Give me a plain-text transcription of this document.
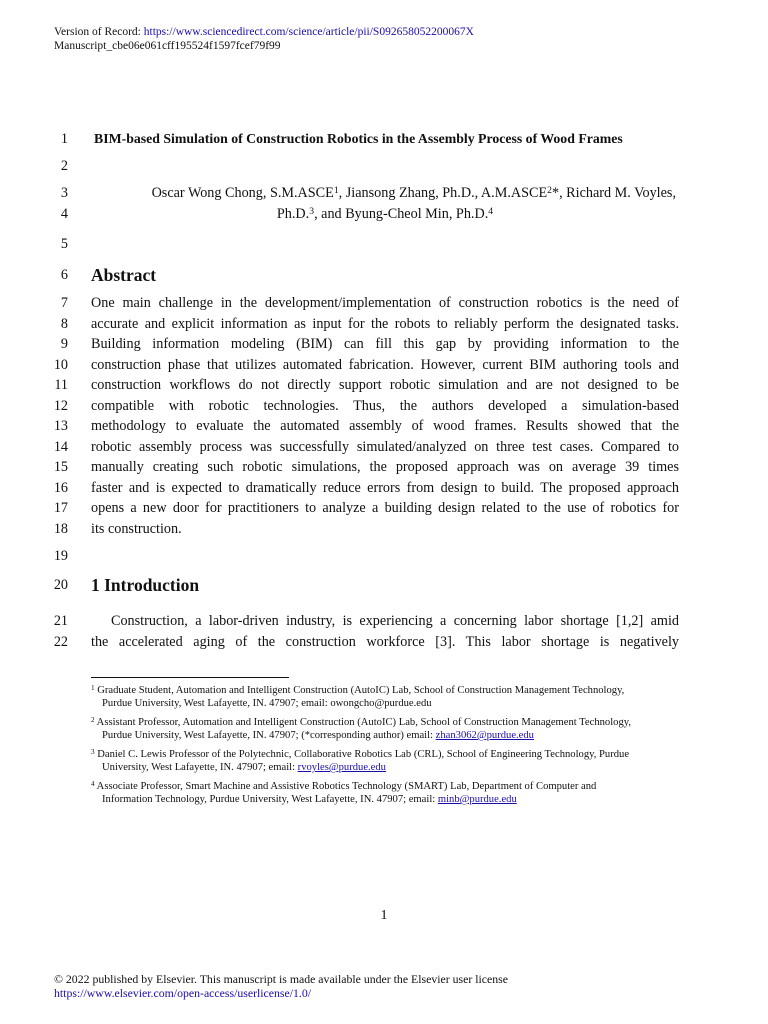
Version of Record: https://www.sciencedirect.com/science/article/pii/S092658052200067X
Manuscript_cbe06e061cff195524f1597fcef79f99
1
2
3
4
5
6
7
8
9
10
11
12
13
14
15
16
17
18
19
20
21
22
BIM-based Simulation of Construction Robotics in the Assembly Process of Wood Frames
Oscar Wong Chong, S.M.ASCE$^1$, Jiansong Zhang, Ph.D., A.M.ASCE$^2$*, Richard M. Voyles,
Ph.D.$^3$, and Byung-Cheol Min, Ph.D.$^4$
Abstract
One main challenge in the development/implementation of construction robotics is the need of
accurate and explicit information as input for the robots to reliably perform the designated tasks.
Building information modeling (BIM) can fill this gap by providing information to the
construction phase that utilizes automated fabrication. However, current BIM authoring tools and
construction workflows do not directly support robotic simulation and are not designed to be
compatible with robotic technologies. Thus, the authors developed a simulation-based
methodology to evaluate the automated assembly of wood frames. Results showed that the
robotic assembly process was successfully simulated/analyzed on three test cases. Compared to
manually creating such robotic simulations, the proposed approach was on average 39 times
faster and is expected to dramatically reduce errors from design to build. The proposed approach
opens a new door for practitioners to analyze a building design related to the use of robotics for
its construction.
1 Introduction
Construction, a labor-driven industry, is experiencing a concerning labor shortage [1,2] amid
the accelerated aging of the construction workforce [3]. This labor shortage is negatively
$^1$ Graduate Student, Automation and Intelligent Construction (AutoIC) Lab, School of Construction Management Technology,
Purdue University, West Lafayette, IN. 47907; email: owongcho@purdue.edu
$^2$ Assistant Professor, Automation and Intelligent Construction (AutoIC) Lab, School of Construction Management Technology,
Purdue University, West Lafayette, IN. 47907; (*corresponding author) email: zhan3062@purdue.edu
$^3$ Daniel C. Lewis Professor of the Polytechnic, Collaborative Robotics Lab (CRL), School of Engineering Technology, Purdue
University, West Lafayette, IN. 47907; email: rvoyles@purdue.edu
$^4$ Associate Professor, Smart Machine and Assistive Robotics Technology (SMART) Lab, Department of Computer and
Information Technology, Purdue University, West Lafayette, IN. 47907; email: minb@purdue.edu
1
© 2022 published by Elsevier. This manuscript is made available under the Elsevier user license
https://www.elsevier.com/open-access/userlicense/1.0/
